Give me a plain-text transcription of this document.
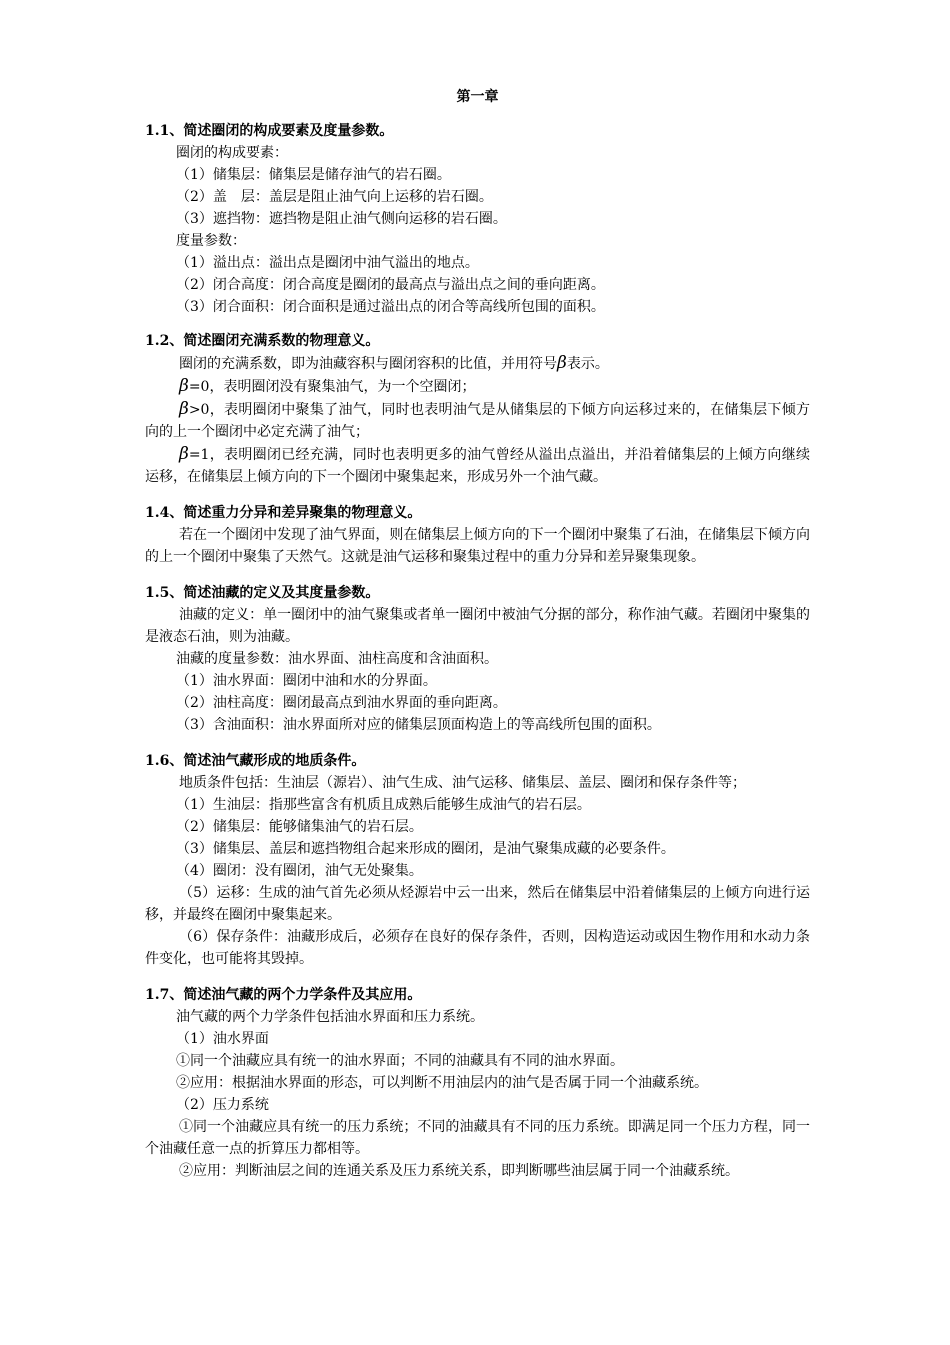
第一章
1.1、简述圈闭的构成要素及度量参数。
圈闭的构成要素：
（1）储集层：储集层是储存油气的岩石圈。
（2）盖　层：盖层是阻止油气向上运移的岩石圈。
（3）遮挡物：遮挡物是阻止油气侧向运移的岩石圈。
度量参数：
（1）溢出点：溢出点是圈闭中油气溢出的地点。
（2）闭合高度：闭合高度是圈闭的最高点与溢出点之间的垂向距离。
（3）闭合面积：闭合面积是通过溢出点的闭合等高线所包围的面积。
1.2、简述圈闭充满系数的物理意义。
圈闭的充满系数，即为油藏容积与圈闭容积的比值，并用符号β表示。
β=0，表明圈闭没有聚集油气，为一个空圈闭；
β>0，表明圈闭中聚集了油气，同时也表明油气是从储集层的下倾方向运移过来的，在储集层下倾方向的上一个圈闭中必定充满了油气；
β=1，表明圈闭已经充满，同时也表明更多的油气曾经从溢出点溢出，并沿着储集层的上倾方向继续运移，在储集层上倾方向的下一个圈闭中聚集起来，形成另外一个油气藏。
1.4、简述重力分异和差异聚集的物理意义。
若在一个圈闭中发现了油气界面，则在储集层上倾方向的下一个圈闭中聚集了石油，在储集层下倾方向的上一个圈闭中聚集了天然气。这就是油气运移和聚集过程中的重力分异和差异聚集现象。
1.5、简述油藏的定义及其度量参数。
油藏的定义：单一圈闭中的油气聚集或者单一圈闭中被油气分据的部分，称作油气藏。若圈闭中聚集的是液态石油，则为油藏。
油藏的度量参数：油水界面、油柱高度和含油面积。
（1）油水界面：圈闭中油和水的分界面。
（2）油柱高度：圈闭最高点到油水界面的垂向距离。
（3）含油面积：油水界面所对应的储集层顶面构造上的等高线所包围的面积。
1.6、简述油气藏形成的地质条件。
地质条件包括：生油层（源岩）、油气生成、油气运移、储集层、盖层、圈闭和保存条件等；
（1）生油层：指那些富含有机质且成熟后能够生成油气的岩石层。
（2）储集层：能够储集油气的岩石层。
（3）储集层、盖层和遮挡物组合起来形成的圈闭，是油气聚集成藏的必要条件。
（4）圈闭：没有圈闭，油气无处聚集。
（5）运移：生成的油气首先必须从烃源岩中云一出来，然后在储集层中沿着储集层的上倾方向进行运移，并最终在圈闭中聚集起来。
（6）保存条件：油藏形成后，必须存在良好的保存条件，否则，因构造运动或因生物作用和水动力条件变化，也可能将其毁掉。
1.7、简述油气藏的两个力学条件及其应用。
油气藏的两个力学条件包括油水界面和压力系统。
（1）油水界面
①同一个油藏应具有统一的油水界面；不同的油藏具有不同的油水界面。
②应用：根据油水界面的形态，可以判断不用油层内的油气是否属于同一个油藏系统。
（2）压力系统
①同一个油藏应具有统一的压力系统；不同的油藏具有不同的压力系统。即满足同一个压力方程，同一个油藏任意一点的折算压力都相等。
②应用：判断油层之间的连通关系及压力系统关系，即判断哪些油层属于同一个油藏系统。
